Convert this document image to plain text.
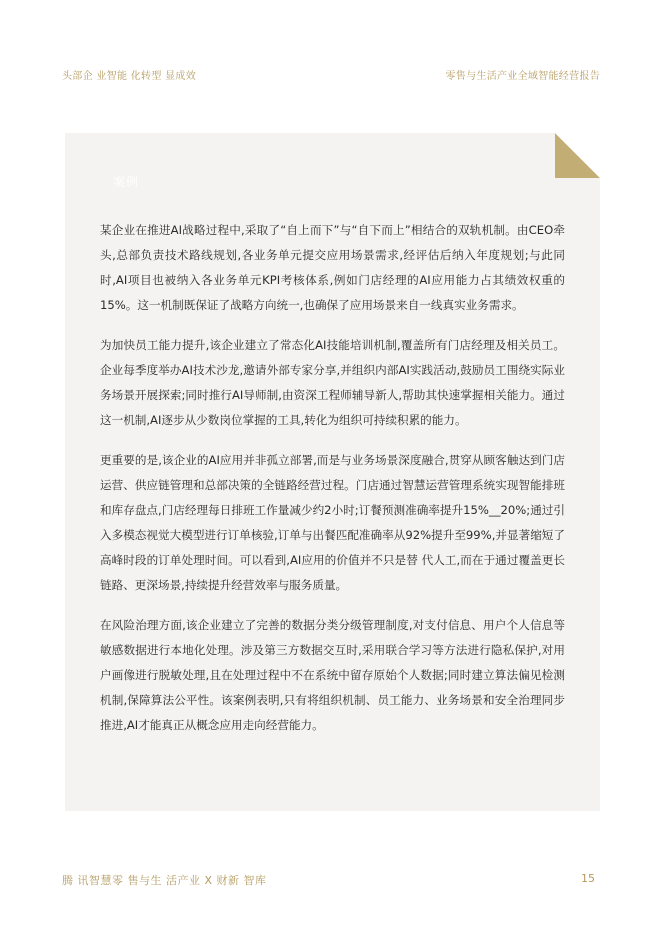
头部企 业智能 化转型 显成效	零售与生活产业全域智能经营报告
案例

某企业在推进AI战略过程中,采取了“自上而下”与“自下而上”相结合的双轨机制。由CEO牵头,总部负责技术路线规划,各业务单元提交应用场景需求,经评估后纳入年度规划;与此同时,AI项目也被纳入各业务单元KPI考核体系,例如门店经理的AI应用能力占其绩效权重的15%。这一机制既保证了战略方向统一,也确保了应用场景来自一线真实业务需求。

为加快员工能力提升,该企业建立了常态化AI技能培训机制,覆盖所有门店经理及相关员工。企业每季度举办AI技术沙龙,邀请外部专家分享,并组织内部AI实践活动,鼓励员工围绕实际业务场景开展探索;同时推行AI导师制,由资深工程师辅导新人,帮助其快速掌握相关能力。通过这一机制,AI逐步从少数岗位掌握的工具,转化为组织可持续积累的能力。

更重要的是,该企业的AI应用并非孤立部署,而是与业务场景深度融合,贯穿从顾客触达到门店运营、供应链管理和总部决策的全链路经营过程。门店通过智慧运营管理系统实现智能排班和库存盘点,门店经理每日排班工作量减少约2小时;订餐预测准确率提升15%__20%;通过引入多模态视觉大模型进行订单核验,订单与出餐匹配准确率从92%提升至99%,并显著缩短了高峰时段的订单处理时间。可以看到,AI应用的价值并不只是替 代人工,而在于通过覆盖更长链路、更深场景,持续提升经营效率与服务质量。

在风险治理方面,该企业建立了完善的数据分类分级管理制度,对支付信息、用户个人信息等敏感数据进行本地化处理。涉及第三方数据交互时,采用联合学习等方法进行隐私保护,对用户画像进行脱敏处理,且在处理过程中不在系统中留存原始个人数据;同时建立算法偏见检测机制,保障算法公平性。该案例表明,只有将组织机制、员工能力、业务场景和安全治理同步推进,AI才能真正从概念应用走向经营能力。

腾 讯智慧零 售与生 活产业 X 财新 智库	15
